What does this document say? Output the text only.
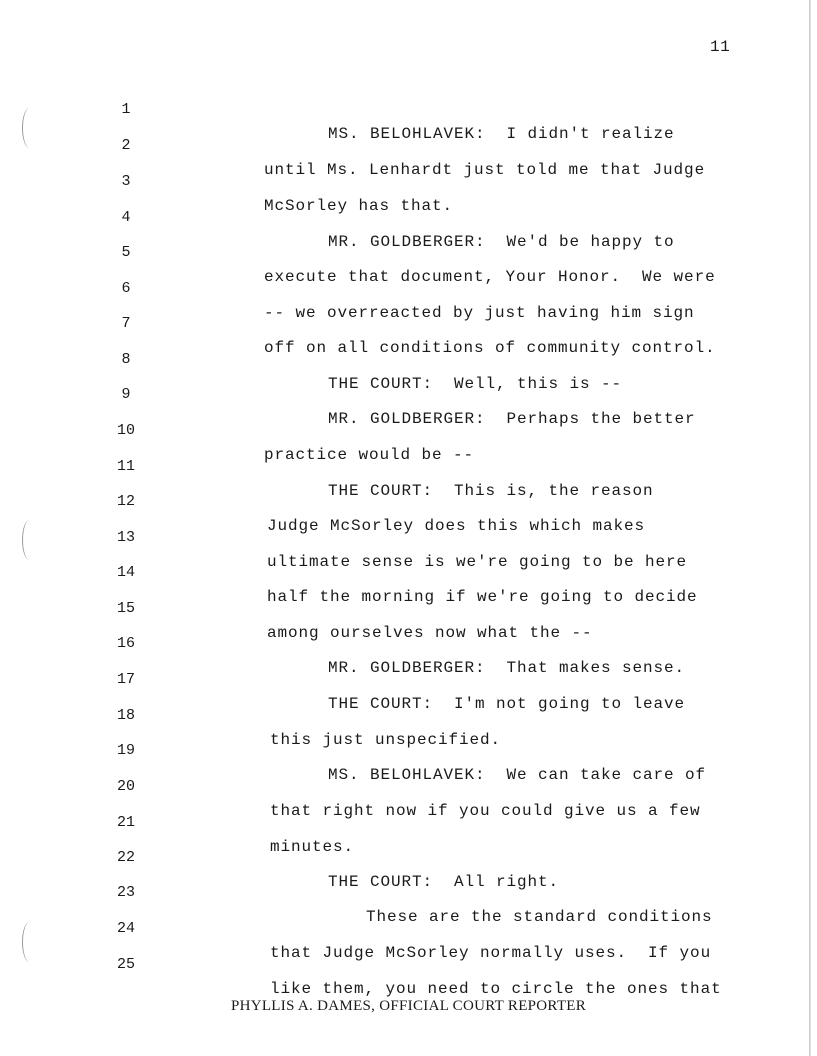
11

1

MS. BELOHLAVEK:  I didn't realize

2

until Ms. Lenhardt just told me that Judge

3

McSorley has that.

4

MR. GOLDBERGER:  We'd be happy to

5

execute that document, Your Honor.  We were

6

-- we overreacted by just having him sign

7

off on all conditions of community control.

8

THE COURT:  Well, this is --

9

MR. GOLDBERGER:  Perhaps the better

10

practice would be --

11

THE COURT:  This is, the reason

12

Judge McSorley does this which makes

13

ultimate sense is we're going to be here

14

half the morning if we're going to decide

15

among ourselves now what the --

16

MR. GOLDBERGER:  That makes sense.

17

THE COURT:  I'm not going to leave

18

this just unspecified.

19

MS. BELOHLAVEK:  We can take care of

20

that right now if you could give us a few

21

minutes.

22

THE COURT:  All right.

23

These are the standard conditions

24

that Judge McSorley normally uses.  If you

25

like them, you need to circle the ones that

PHYLLIS A. DAMES, OFFICIAL COURT REPORTER
